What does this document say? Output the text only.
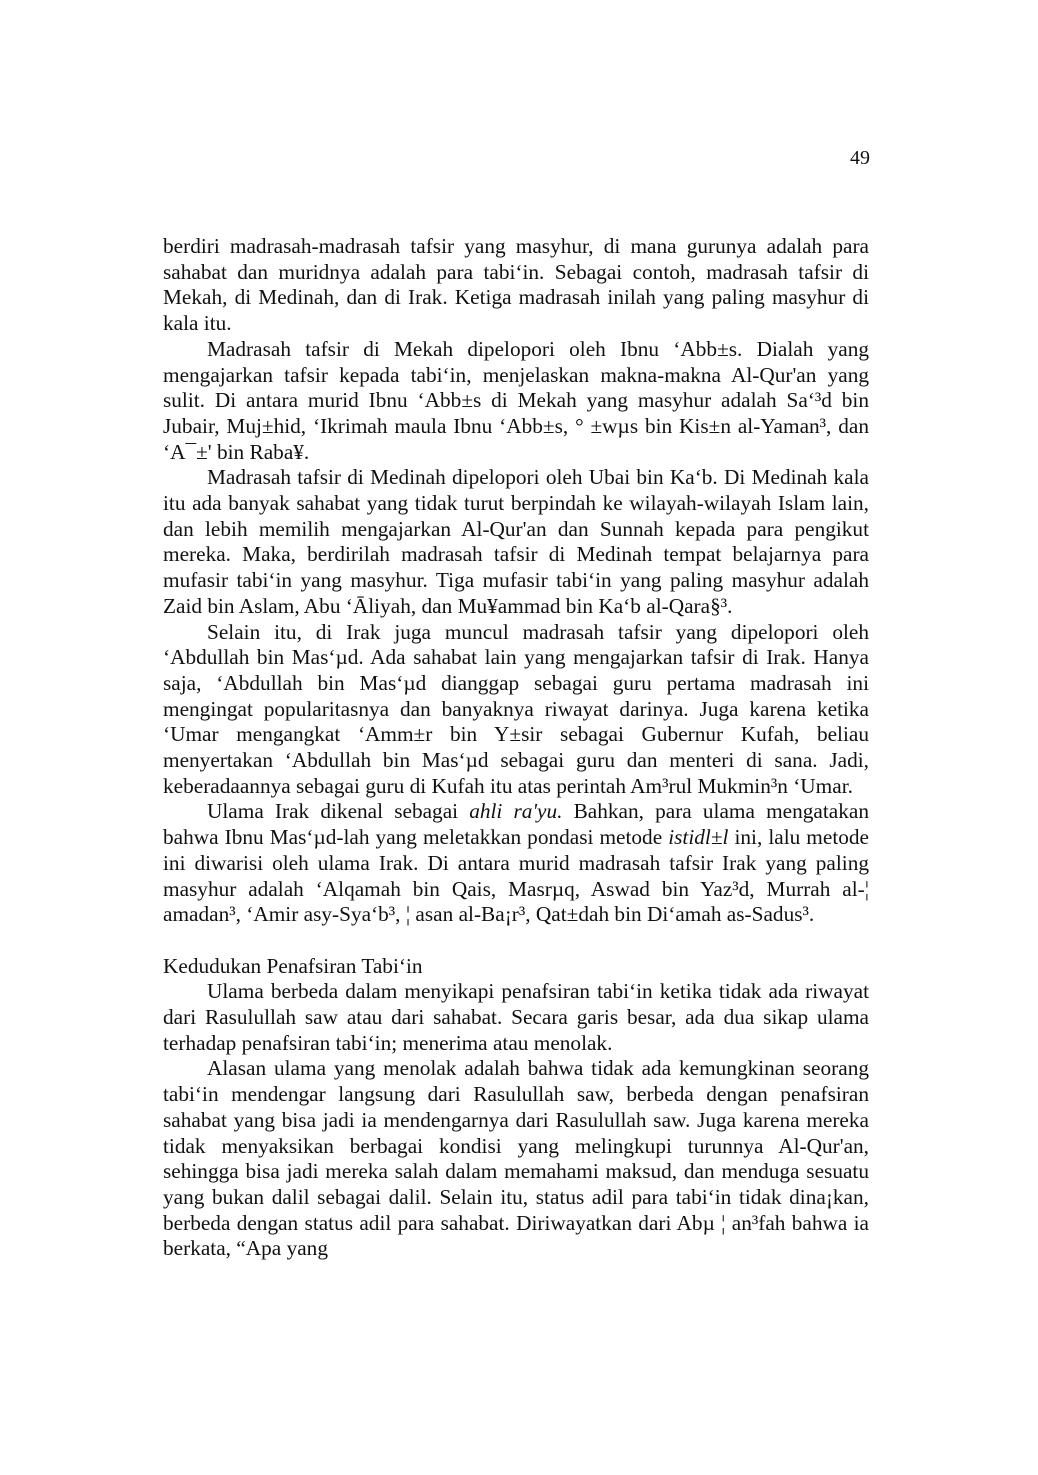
49

berdiri madrasah-madrasah tafsir yang masyhur, di mana gurunya adalah para sahabat dan muridnya adalah para tabi‘in. Sebagai contoh, madrasah tafsir di Mekah, di Medinah, dan di Irak. Ketiga madrasah inilah yang paling masyhur di kala itu.

Madrasah tafsir di Mekah dipelopori oleh Ibnu ‘Abb±s. Dialah yang mengajarkan tafsir kepada tabi‘in, menjelaskan makna-makna Al-Qur'an yang sulit. Di antara murid Ibnu ‘Abb±s di Mekah yang masyhur adalah Sa‘³d bin Jubair, Muj±hid, ‘Ikrimah maula Ibnu ‘Abb±s, ° ±wµs bin Kis±n al-Yaman³, dan ‘A¯±' bin Raba¥.

Madrasah tafsir di Medinah dipelopori oleh Ubai bin Ka‘b. Di Medinah kala itu ada banyak sahabat yang tidak turut berpindah ke wilayah-wilayah Islam lain, dan lebih memilih mengajarkan Al-Qur'an dan Sunnah kepada para pengikut mereka. Maka, berdirilah madrasah tafsir di Medinah tempat belajarnya para mufasir tabi‘in yang masyhur. Tiga mufasir tabi‘in yang paling masyhur adalah Zaid bin Aslam, Abu ‘Āliyah, dan Mu¥ammad bin Ka‘b al-Qara§³.

Selain itu, di Irak juga muncul madrasah tafsir yang dipelopori oleh ‘Abdullah bin Mas‘µd. Ada sahabat lain yang mengajarkan tafsir di Irak. Hanya saja, ‘Abdullah bin Mas‘µd dianggap sebagai guru pertama madrasah ini mengingat popularitasnya dan banyaknya riwayat darinya. Juga karena ketika ‘Umar mengangkat ‘Amm±r bin Y±sir sebagai Gubernur Kufah, beliau menyertakan ‘Abdullah bin Mas‘µd sebagai guru dan menteri di sana. Jadi, keberadaannya sebagai guru di Kufah itu atas perintah Am³rul Mukmin³n ‘Umar.

Ulama Irak dikenal sebagai ahli ra'yu. Bahkan, para ulama mengatakan bahwa Ibnu Mas‘µd-lah yang meletakkan pondasi metode istidl±l ini, lalu metode ini diwarisi oleh ulama Irak. Di antara murid madrasah tafsir Irak yang paling masyhur adalah ‘Alqamah bin Qais, Masrµq, Aswad bin Yaz³d, Murrah al-¦ amadan³, ‘Amir asy-Sya‘b³, ¦ asan al-Ba¡r³, Qat±dah bin Di‘amah as-Sadus³.

Kedudukan Penafsiran Tabi‘in

Ulama berbeda dalam menyikapi penafsiran tabi‘in ketika tidak ada riwayat dari Rasulullah saw atau dari sahabat. Secara garis besar, ada dua sikap ulama terhadap penafsiran tabi‘in; menerima atau menolak.

Alasan ulama yang menolak adalah bahwa tidak ada kemungkinan seorang tabi‘in mendengar langsung dari Rasulullah saw, berbeda dengan penafsiran sahabat yang bisa jadi ia mendengarnya dari Rasulullah saw. Juga karena mereka tidak menyaksikan berbagai kondisi yang melingkupi turunnya Al-Qur'an, sehingga bisa jadi mereka salah dalam memahami maksud, dan menduga sesuatu yang bukan dalil sebagai dalil. Selain itu, status adil para tabi‘in tidak dina¡kan, berbeda dengan status adil para sahabat. Diriwayatkan dari Abµ ¦ an³fah bahwa ia berkata, “Apa yang
